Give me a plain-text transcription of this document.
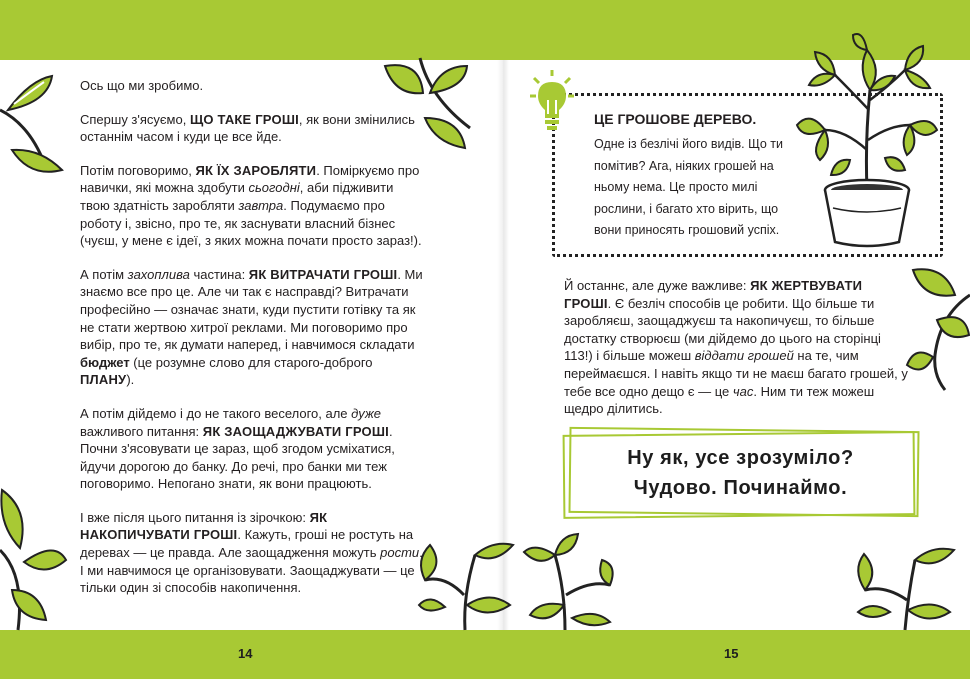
Ось що ми зробимо.

Спершу з'ясуємо, ЩО ТАКЕ ГРОШІ, як вони змінились останнім часом і куди це все йде.

Потім поговоримо, ЯК ЇХ ЗАРОБЛЯТИ. Поміркуємо про навички, які можна здобути сьогодні, аби підживити твою здатність заробляти завтра. Подумаємо про роботу і, звісно, про те, як заснувати власний бізнес (чуєш, у мене є ідеї, з яких можна почати просто зараз!).

А потім захоплива частина: ЯК ВИТРАЧАТИ ГРОШІ. Ми знаємо все про це. Але чи так є насправді? Витрачати професійно — означає знати, куди пустити готівку та як не стати жертвою хитрої реклами. Ми поговоримо про вибір, про те, як думати наперед, і навчимося складати бюджет (це розумне слово для старого-доброго ПЛАНУ).

А потім дійдемо і до не такого веселого, але дуже важливого питання: ЯК ЗАОЩАДЖУВАТИ ГРОШІ. Почни з'ясовувати це зараз, щоб згодом усміхатися, йдучи дорогою до банку. До речі, про банки ми теж поговоримо. Непогано знати, як вони працюють.

І вже після цього питання із зірочкою: ЯК НАКОПИЧУВАТИ ГРОШІ. Кажуть, гроші не ростуть на деревах — це правда. Але заощадження можуть рости. І ми навчимося це організовувати. Заощаджувати — це тільки один зі способів накопичення.

14
ЦЕ ГРОШОВЕ ДЕРЕВО.
Одне із безлічі його видів. Що ти помітив? Ага, ніяких грошей на ньому нема. Це просто милі рослини, і багато хто вірить, що вони приносять грошовий успіх.

Й останнє, але дуже важливе: ЯК ЖЕРТВУВАТИ ГРОШІ. Є безліч способів це робити. Що більше ти заробляєш, заощаджуєш та накопичуєш, то більше достатку створюєш (ми дійдемо до цього на сторінці 113!) і більше можеш віддати грошей на те, чим переймаєшся. І навіть якщо ти не маєш багато грошей, у тебе все одно дещо є — це час. Ним ти теж можеш щедро ділитись.

Ну як, усе зрозуміло?
Чудово. Починаймо.
15
